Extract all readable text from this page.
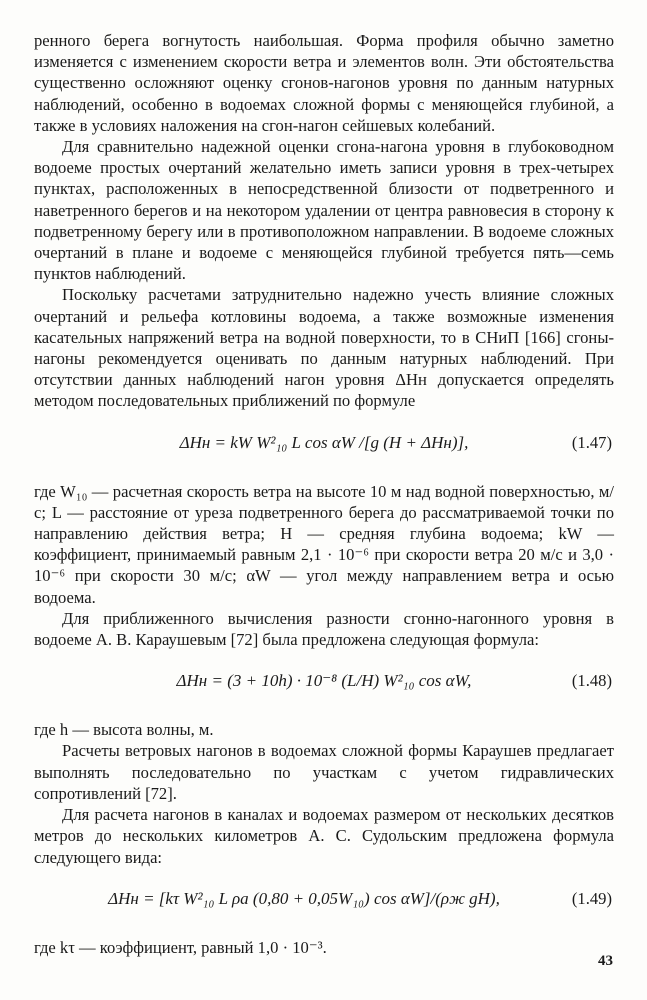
ренного берега вогнутость наибольшая. Форма профиля обычно заметно изменяется с изменением скорости ветра и элементов волн. Эти обстоятельства существенно осложняют оценку сгонов-нагонов уровня по данным натурных наблюдений, особенно в водоемах сложной формы с меняющейся глубиной, а также в условиях наложения на сгон-нагон сейшевых колебаний.

Для сравнительно надежной оценки сгона-нагона уровня в глубоководном водоеме простых очертаний желательно иметь записи уровня в трех-четырех пунктах, расположенных в непосредственной близости от подветренного и наветренного берегов и на некотором удалении от центра равновесия в сторону к подветренному берегу или в противоположном направлении. В водоеме сложных очертаний в плане и водоеме с меняющейся глубиной требуется пять—семь пунктов наблюдений.

Поскольку расчетами затруднительно надежно учесть влияние сложных очертаний и рельефа котловины водоема, а также возможные изменения касательных напряжений ветра на водной поверхности, то в СНиП [166] сгоны-нагоны рекомендуется оценивать по данным натурных наблюдений. При отсутствии данных наблюдений нагон уровня ΔHн допускается определять методом последовательных приближений по формуле

ΔHн = kW W²₁₀ L cos αW /[g (H + ΔHн)],	(1.47)

где W₁₀ — расчетная скорость ветра на высоте 10 м над водной поверхностью, м/с; L — расстояние от уреза подветренного берега до рассматриваемой точки по направлению действия ветра; H — средняя глубина водоема; kW — коэффициент, принимаемый равным 2,1 · 10⁻⁶ при скорости ветра 20 м/с и 3,0 · 10⁻⁶ при скорости 30 м/с; αW — угол между направлением ветра и осью водоема.

Для приближенного вычисления разности сгонно-нагонного уровня в водоеме А. В. Караушевым [72] была предложена следующая формула:

ΔHн = (3 + 10h) · 10⁻⁸ (L/H) W²₁₀ cos αW,	(1.48)

где h — высота волны, м.

Расчеты ветровых нагонов в водоемах сложной формы Караушев предлагает выполнять последовательно по участкам с учетом гидравлических сопротивлений [72].

Для расчета нагонов в каналах и водоемах размером от нескольких десятков метров до нескольких километров А. С. Судольским предложена формула следующего вида:

ΔHн = [kτ W²₁₀ L ρа (0,80 + 0,05W₁₀) cos αW]/(ρж gH),	(1.49)

где kτ — коэффициент, равный 1,0 · 10⁻³.

43
